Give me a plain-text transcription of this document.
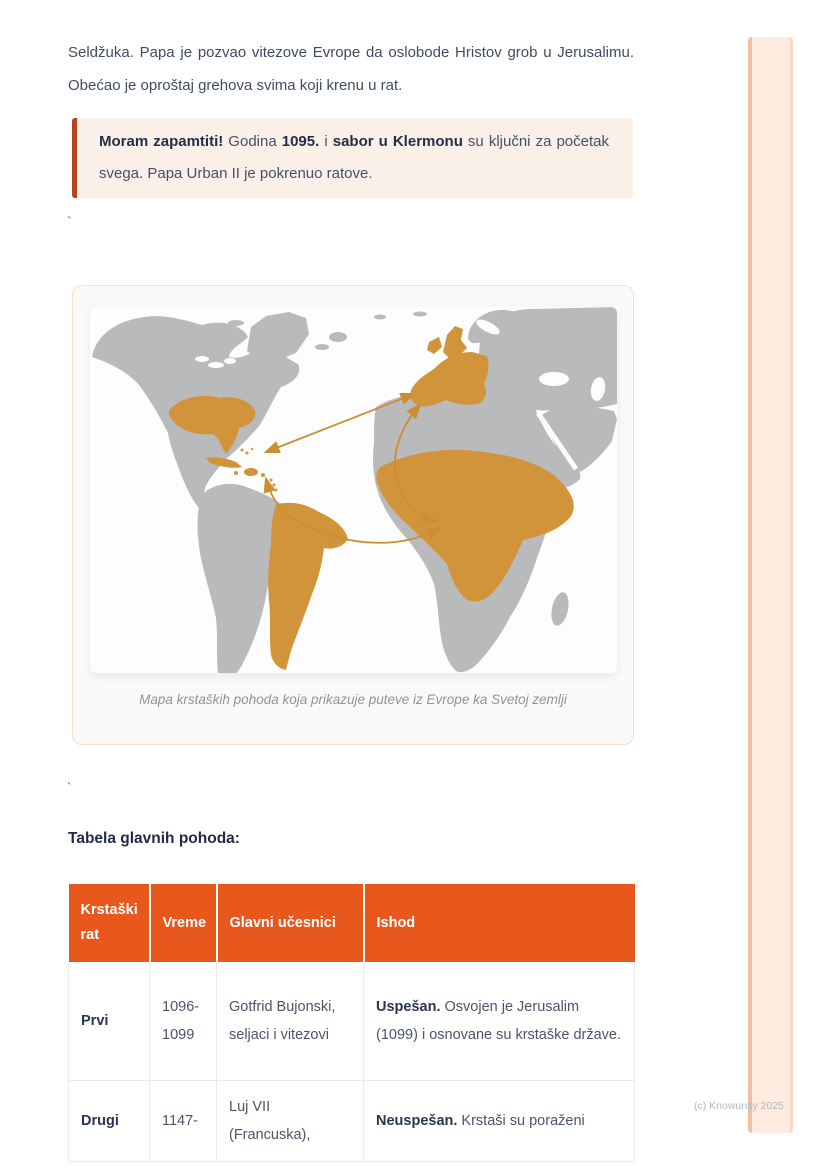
Seldžuka. Papa je pozvao vitezove Evrope da oslobode Hristov grob u Jerusalimu. Obećao je oproštaj grehova svima koji krenu u rat.

Moram zapamtiti! Godina 1095. i sabor u Klermonu su ključni za početak svega. Papa Urban II je pokrenuo ratove.

`
Mapa krstaških pohoda koja prikazuje puteve iz Evrope ka Svetoj zemlji
`
Tabela glavnih pohoda:
Krstaški rat	Vreme	Glavni učesnici	Ishod
Prvi	1096-1099	Gotfrid Bujonski, seljaci i vitezovi	Uspešan. Osvojen je Jerusalim (1099) i osnovane su krstaške države.
Drugi	1147-	Luj VII (Francuska),	Neuspešan. Krstaši su poraženi
(c) Knowunity 2025
